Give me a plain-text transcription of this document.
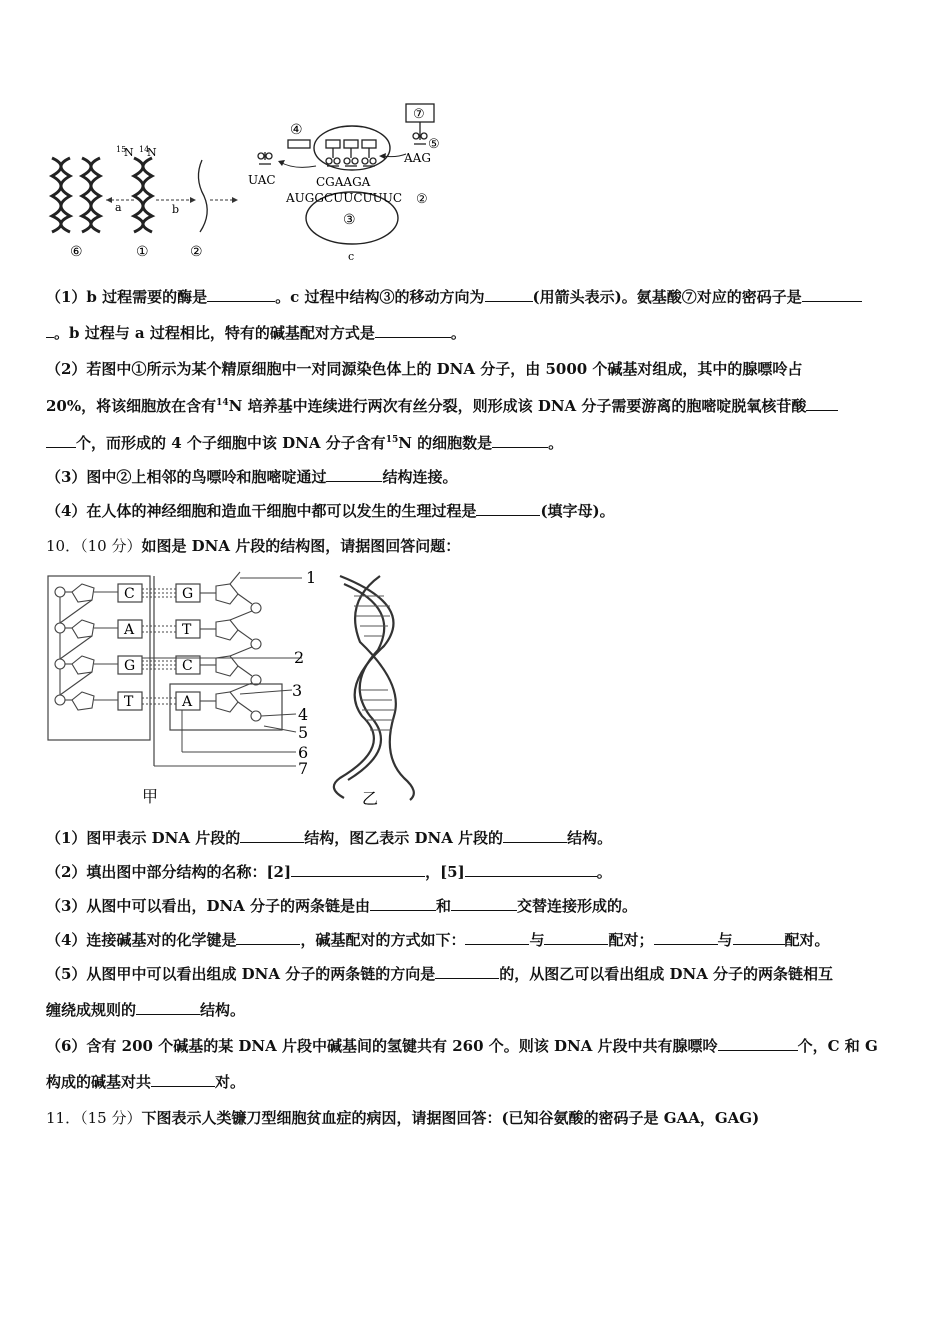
a
15
N 14
N
b
⑥	①	②
④
UAC
⑦
⑤
AAG
CGAAGA
AUGGCUUCUUUC ②
③
c
（1）b 过程需要的酶是	。c 过程中结构③的移动方向为	(用箭头表示)。氨基酸⑦对应的密码子是
。b 过程与 a 过程相比，特有的碱基配对方式是	。
（2）若图中①所示为某个精原细胞中一对同源染色体上的 DNA 分子，由 5000 个碱基对组成，其中的腺嘌呤占
20%，将该细胞放在含有$^{14}$N 培养基中连续进行两次有丝分裂，则形成该 DNA 分子需要游离的胞嘧啶脱氧核苷酸
个，而形成的 4 个子细胞中该 DNA 分子含有$^{15}$N 的细胞数是	。
（3）图中②上相邻的鸟嘌呤和胞嘧啶通过	结构连接。
（4）在人体的神经细胞和造血干细胞中都可以发生的生理过程是	(填字母)。
10．（10 分）如图是 DNA 片段的结构图，请据图回答问题：
C
A
G
T
G
T
C
A
1
2
3
4
5
6
7
甲	乙
（1）图甲表示 DNA 片段的	结构，图乙表示 DNA 片段的	结构。
（2）填出图中部分结构的名称：[2]	，[5]	。
（3）从图中可以看出，DNA 分子的两条链是由	和	交替连接形成的。
（4）连接碱基对的化学键是	，碱基配对的方式如下：	与	配对；	与	配对。
（5）从图甲中可以看出组成 DNA 分子的两条链的方向是	的，从图乙可以看出组成 DNA 分子的两条链相互
缠绕成规则的	结构。
（6）含有 200 个碱基的某 DNA 片段中碱基间的氢键共有 260 个。则该 DNA 片段中共有腺嘌呤	个，C 和 G
构成的碱基对共	对。
11．（15 分）下图表示人类镰刀型细胞贫血症的病因，请据图回答：(已知谷氨酸的密码子是 GAA，GAG)
